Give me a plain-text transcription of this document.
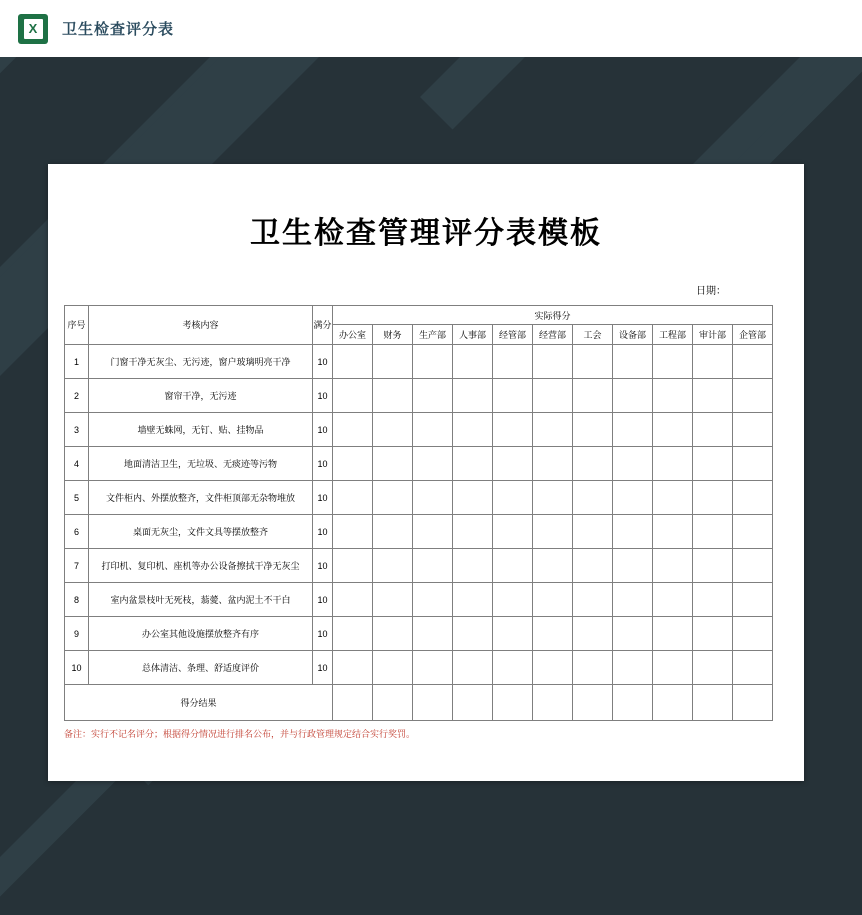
X
卫生检查评分表
卫生检查管理评分表模板
日期：
序号	考核内容	满分	实际得分										
			办公室	财务	生产部	人事部	经管部	经营部	工会	设备部	工程部	审计部	企管部
1	门窗干净无灰尘、无污迹，窗户玻璃明亮干净	10											
2	窗帘干净，无污迹	10											
3	墙壁无蛛网，无钉、贴、挂物品	10											
4	地面清洁卫生，无垃圾、无痰迹等污物	10											
5	文件柜内、外摆放整齐，文件柜顶部无杂物堆放	10											
6	桌面无灰尘，文件文具等摆放整齐	10											
7	打印机、复印机、座机等办公设备擦拭干净无灰尘	10											
8	室内盆景枝叶无死枝，蓊薆、盆内泥土不干白	10											
9	办公室其他设施摆放整齐有序	10											
10	总体清洁、条理、舒适度评价	10											
得分结果													
备注：实行不记名评分；根据得分情况进行排名公布，并与行政管理规定结合实行奖罚。
